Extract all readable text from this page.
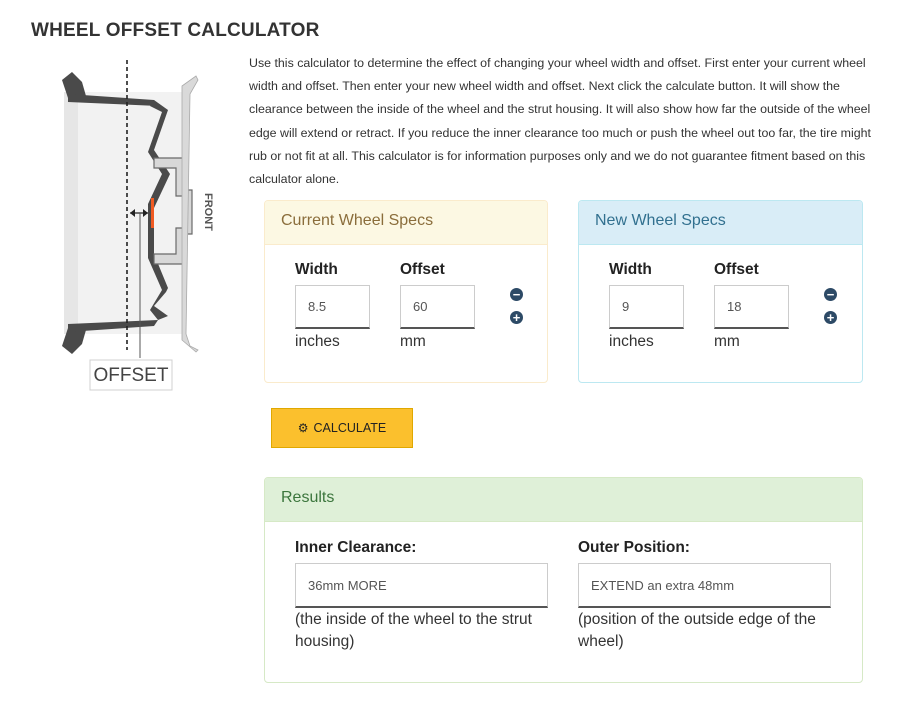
WHEEL OFFSET CALCULATOR
FRONT
OFFSET

Use this calculator to determine the effect of changing your wheel width and offset. First enter your current wheel width and offset. Then enter your new wheel width and offset. Next click the calculate button. It will show the clearance between the inside of the wheel and the strut housing. It will also show how far the outside of the wheel edge will extend or retract. If you reduce the inner clearance too much or push the wheel out too far, the tire might rub or not fit at all. This calculator is for information purposes only and we do not guarantee fitment based on this calculator alone.

Current Wheel Specs
Width
8.5
inches
Offset
60
mm
−
+
New Wheel Specs
Width
9
inches
Offset
18
mm
−
+
⚙ CALCULATE
Results
Inner Clearance:
36mm MORE
(the inside of the wheel to the strut housing)
Outer Position:
EXTEND an extra 48mm
(position of the outside edge of the wheel)
